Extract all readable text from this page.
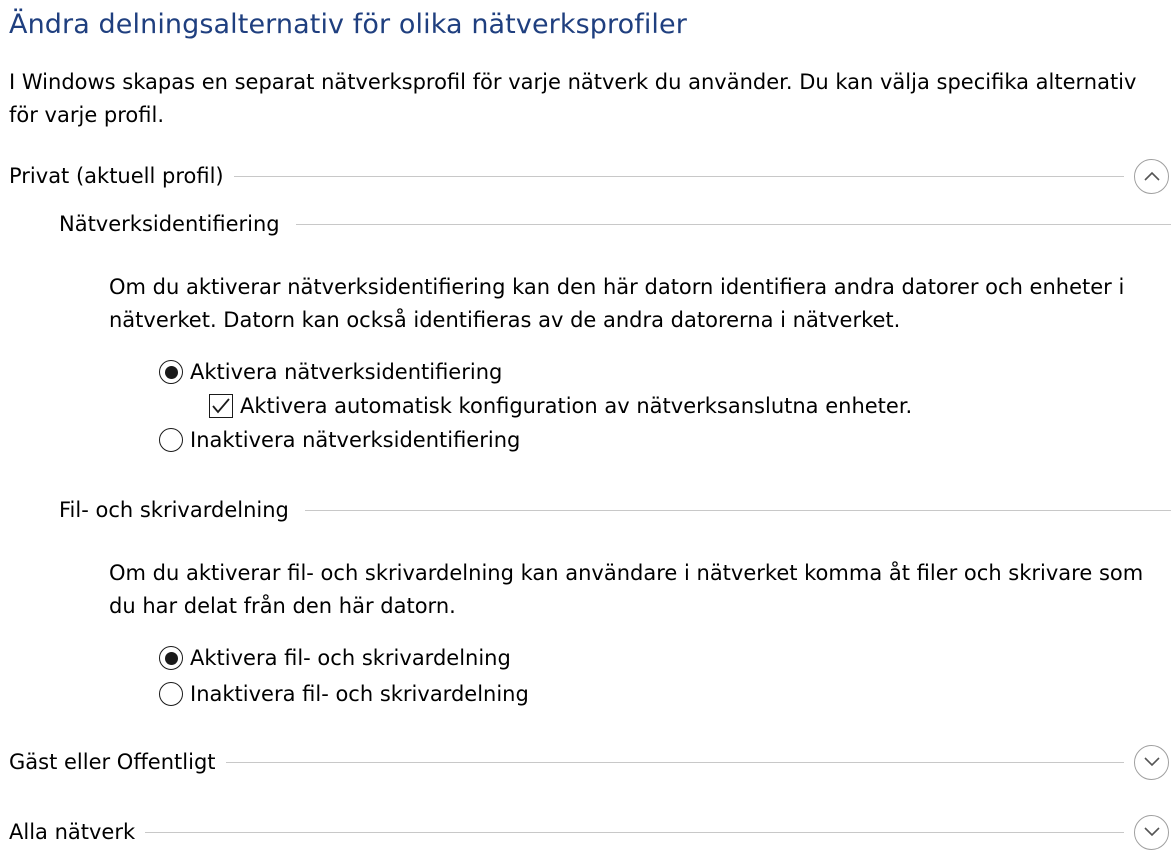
Ändra delningsalternativ för olika nätverksprofiler
I Windows skapas en separat nätverksprofil för varje nätverk du använder. Du kan välja specifika alternativ för varje profil.
Privat (aktuell profil)
Nätverksidentifiering
Om du aktiverar nätverksidentifiering kan den här datorn identifiera andra datorer och enheter i nätverket. Datorn kan också identifieras av de andra datorerna i nätverket.
Aktivera nätverksidentifiering
Aktivera automatisk konfiguration av nätverksanslutna enheter.
Inaktivera nätverksidentifiering
Fil- och skrivardelning
Om du aktiverar fil- och skrivardelning kan användare i nätverket komma åt filer och skrivare som du har delat från den här datorn.
Aktivera fil- och skrivardelning
Inaktivera fil- och skrivardelning
Gäst eller Offentligt
Alla nätverk
